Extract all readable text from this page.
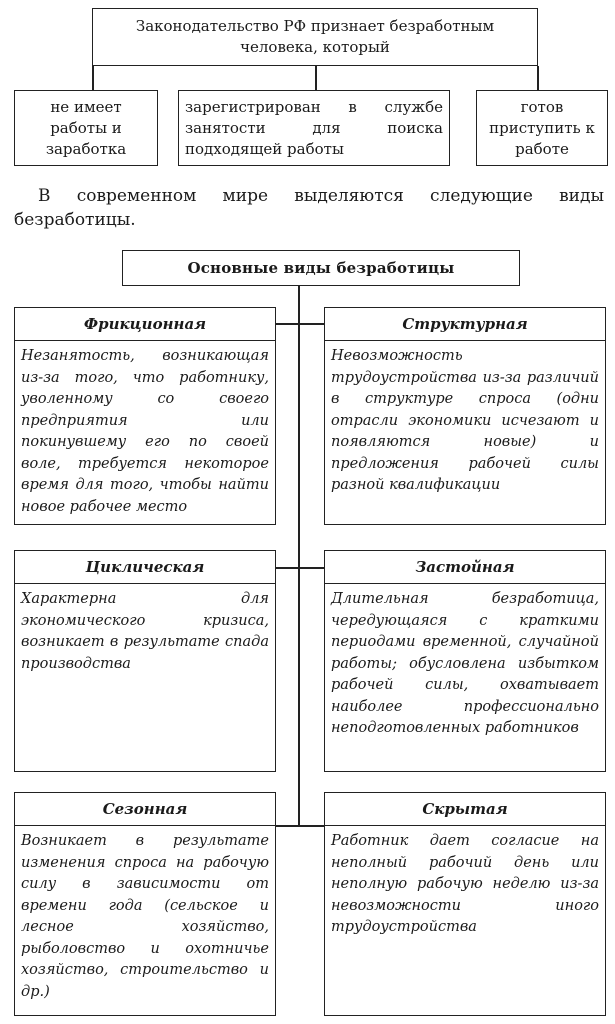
Законодательство РФ признает безработным человека, который
не имеет работы и заработка
зарегистрирован в службе занятости для поиска подходящей работы
готов приступить к работе
В современном мире выделяются следующие виды безработицы.
Основные виды безработицы
Фрикционная
Незанятость, возникающая из-за того, что работнику, уволенному со своего предприятия или покинувшему его по своей воле, требуется некоторое время для того, чтобы найти новое рабочее место
Структурная
Невозможность трудоустройства из-за различий в структуре спроса (одни отрасли экономики исчезают и появляются новые) и предложения рабочей силы разной квалификации
Циклическая
Характерна для экономического кризиса, возникает в результате спада производства
Застойная
Длительная безработица, чередующаяся с краткими периодами временной, случайной работы; обусловлена избытком рабочей силы, охватывает наиболее профессионально неподготовленных работников
Сезонная
Возникает в результате изменения спроса на рабочую силу в зависимости от времени года (сельское и лесное хозяйство, рыболовство и охотничье хозяйство, строительство и др.)
Скрытая
Работник дает согласие на неполный рабочий день или неполную рабочую неделю из-за невозможности иного трудоустройства
